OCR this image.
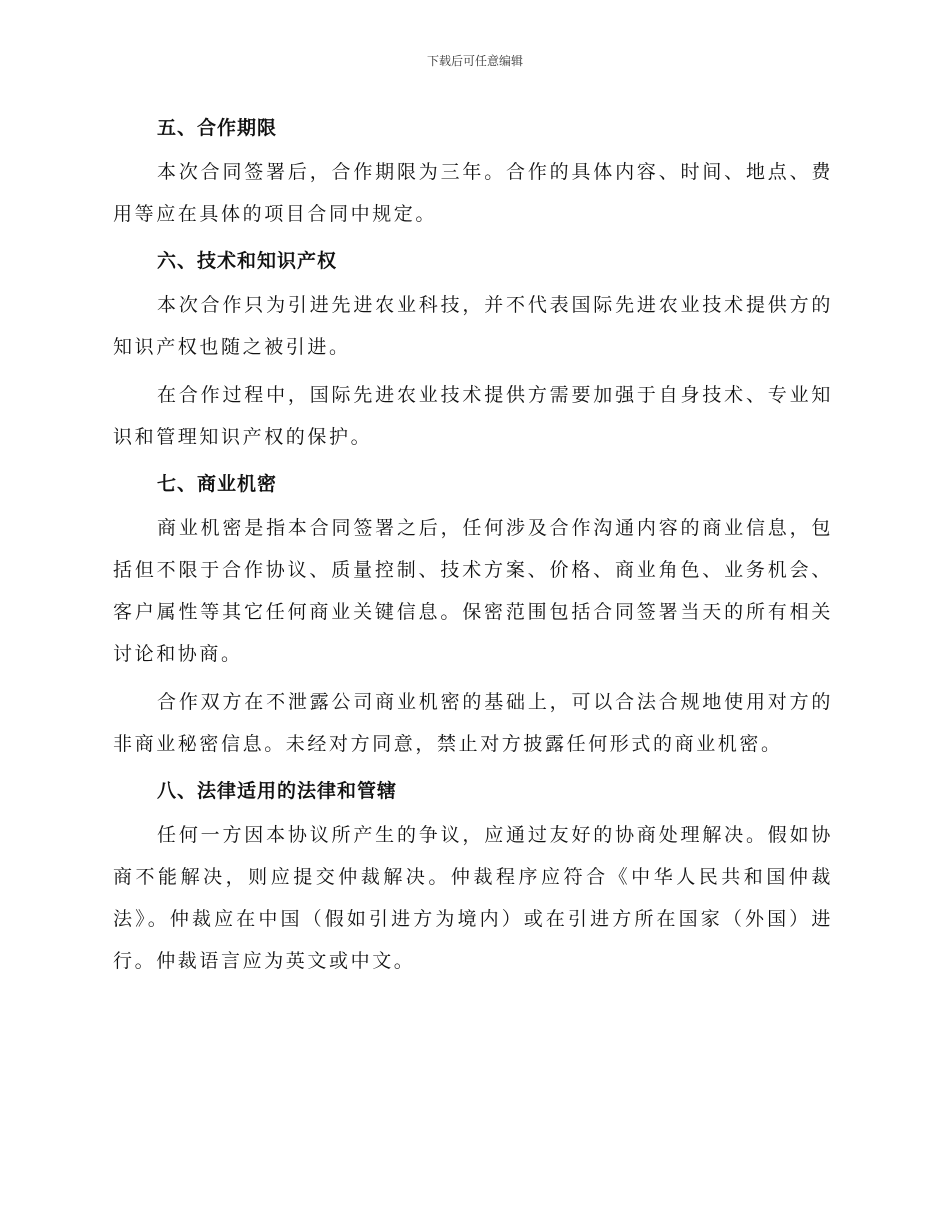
下载后可任意编辑
五、合作期限

本次合同签署后，合作期限为三年。合作的具体内容、时间、地点、费用等应在具体的项目合同中规定。

六、技术和知识产权

本次合作只为引进先进农业科技，并不代表国际先进农业技术提供方的知识产权也随之被引进。

在合作过程中，国际先进农业技术提供方需要加强于自身技术、专业知识和管理知识产权的保护。

七、商业机密

商业机密是指本合同签署之后，任何涉及合作沟通内容的商业信息，包括但不限于合作协议、质量控制、技术方案、价格、商业角色、业务机会、客户属性等其它任何商业关键信息。保密范围包括合同签署当天的所有相关讨论和协商。

合作双方在不泄露公司商业机密的基础上，可以合法合规地使用对方的非商业秘密信息。未经对方同意，禁止对方披露任何形式的商业机密。

八、法律适用的法律和管辖

任何一方因本协议所产生的争议，应通过友好的协商处理解决。假如协商不能解决，则应提交仲裁解决。仲裁程序应符合《中华人民共和国仲裁法》。仲裁应在中国（假如引进方为境内）或在引进方所在国家（外国）进行。仲裁语言应为英文或中文。
